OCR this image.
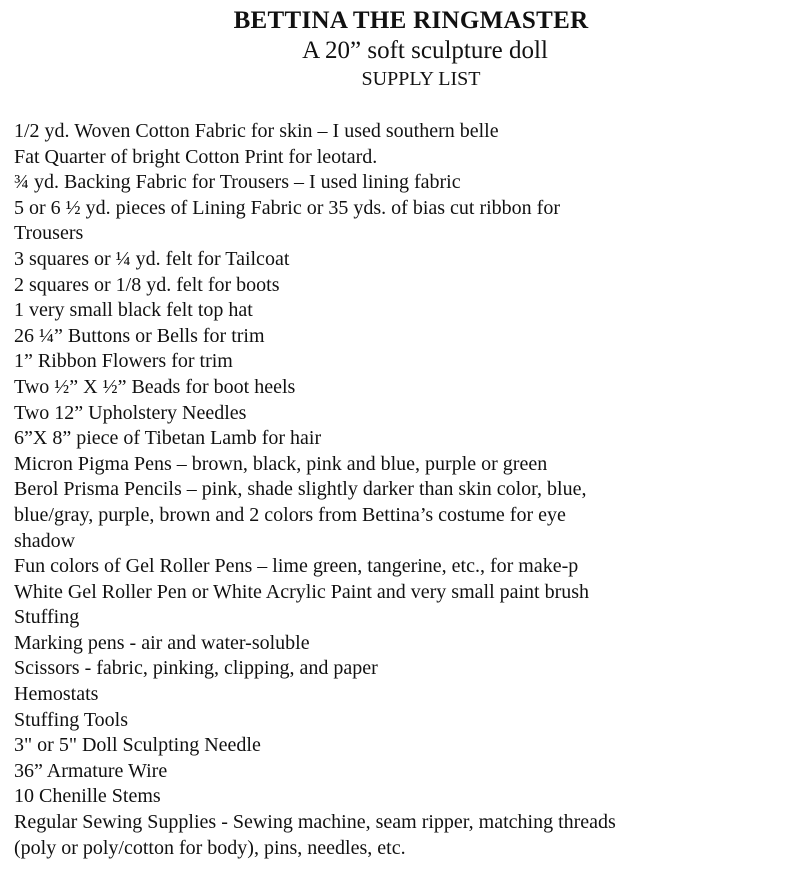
BETTINA THE RINGMASTER
A 20” soft sculpture doll
SUPPLY LIST
1/2 yd. Woven Cotton Fabric for skin – I used southern belle
Fat Quarter of bright Cotton Print for leotard.
¾ yd. Backing Fabric for Trousers – I used lining fabric
5 or 6 ½ yd. pieces of Lining Fabric or 35 yds. of bias cut ribbon for
Trousers
3 squares or ¼ yd. felt for Tailcoat
2 squares or 1/8 yd. felt for boots
1 very small black felt top hat
26 ¼” Buttons or Bells for trim
1” Ribbon Flowers for trim
Two ½” X ½” Beads for boot heels
Two 12” Upholstery Needles
6”X 8” piece of Tibetan Lamb for hair
Micron Pigma Pens – brown, black, pink and blue, purple or green
Berol Prisma Pencils – pink, shade slightly darker than skin color, blue,
blue/gray, purple, brown and 2 colors from Bettina’s costume for eye
shadow
Fun colors of Gel Roller Pens – lime green, tangerine, etc., for make-p
White Gel Roller Pen or White Acrylic Paint and very small paint brush
Stuffing
Marking pens - air and water-soluble
Scissors - fabric, pinking, clipping, and paper
Hemostats
Stuffing Tools
3" or 5" Doll Sculpting Needle
36” Armature Wire
10 Chenille Stems
Regular Sewing Supplies - Sewing machine, seam ripper, matching threads
(poly or poly/cotton for body), pins, needles, etc.
